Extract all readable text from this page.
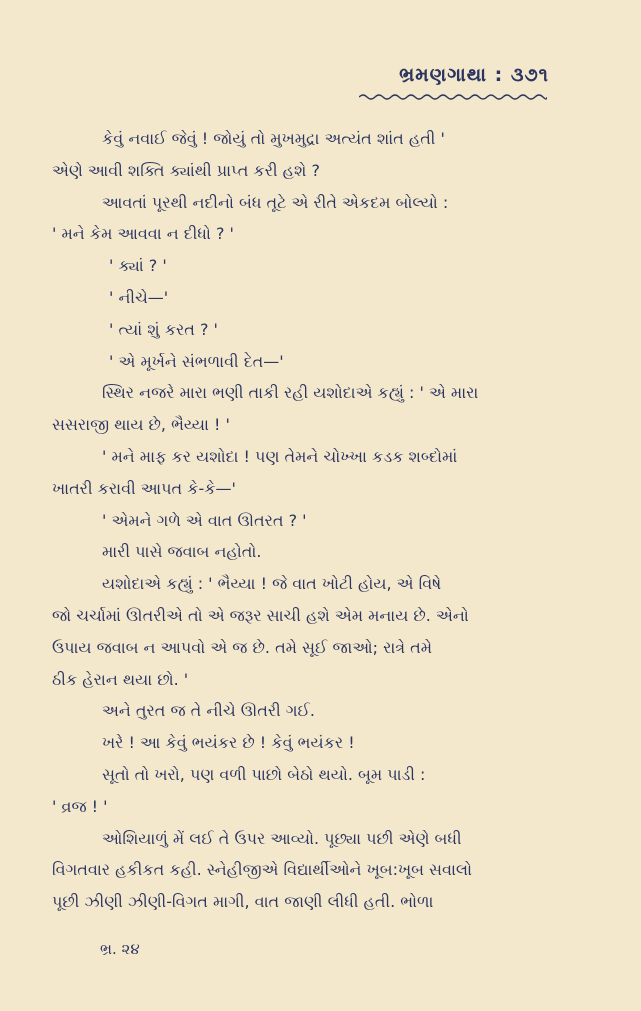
ભ્રમણગાથા : ૩૭૧

કેવું નવાઈ જેવું ! જોયું તો મુખમુદ્રા અત્યંત શાંત હતી '

એણે આવી શક્તિ ક્યાંથી પ્રાપ્ત કરી હશે ?

આવતાં પૂરથી નદીનો બંધ તૂટે એ રીતે એકદમ બોલ્યો :

' મને કેમ આવવા ન દીધો ? '

' ક્યાં ? '

' નીચે—'

' ત્યાં શું કરત ? '

' એ મૂર્ખને સંભળાવી દેત—'

સ્થિર નજરે મારા ભણી તાકી રહી યશોદાએ કહ્યું : ' એ મારા

સસરાજી થાય છે, ભૈય્યા ! '

' મને માફ કર યશોદા ! પણ તેમને ચોખ્ખા કડક શબ્દોમાં

ખાતરી કરાવી આપત કે-કે—'

' એમને ગળે એ વાત ઊતરત ? '

મારી પાસે જવાબ નહોતો.

યશોદાએ કહ્યું : ' ભૈય્યા ! જે વાત ખોટી હોય, એ વિષે

જો ચર્ચામાં ઊતરીએ તો એ જરૂર સાચી હશે એમ મનાય છે. એનો

ઉપાય જવાબ ન આપવો એ જ છે. તમે સૂઈ જાઓ; રાત્રે તમે

ઠીક હેરાન થયા છો. '

અને તુરત જ તે નીચે ઊતરી ગઈ.

ખરે ! આ કેવું ભયંકર છે ! કેવું ભયંકર !

સૂતો તો ખરો, પણ વળી પાછો બેઠો થયો. બૂમ પાડી :

' વ્રજ ! '

ઓશિયાળું મેં લઈ તે ઉપર આવ્યો. પૂછ્યા પછી એણે બધી

વિગતવાર હકીકત કહી. સ્નેહીજીએ વિદ્યાર્થીઓને ખૂબ:ખૂબ સવાલો

પૂછી ઝીણી ઝીણી-વિગત માગી, વાત જાણી લીધી હતી. ભોળા

ભ્ર. ૨૪
